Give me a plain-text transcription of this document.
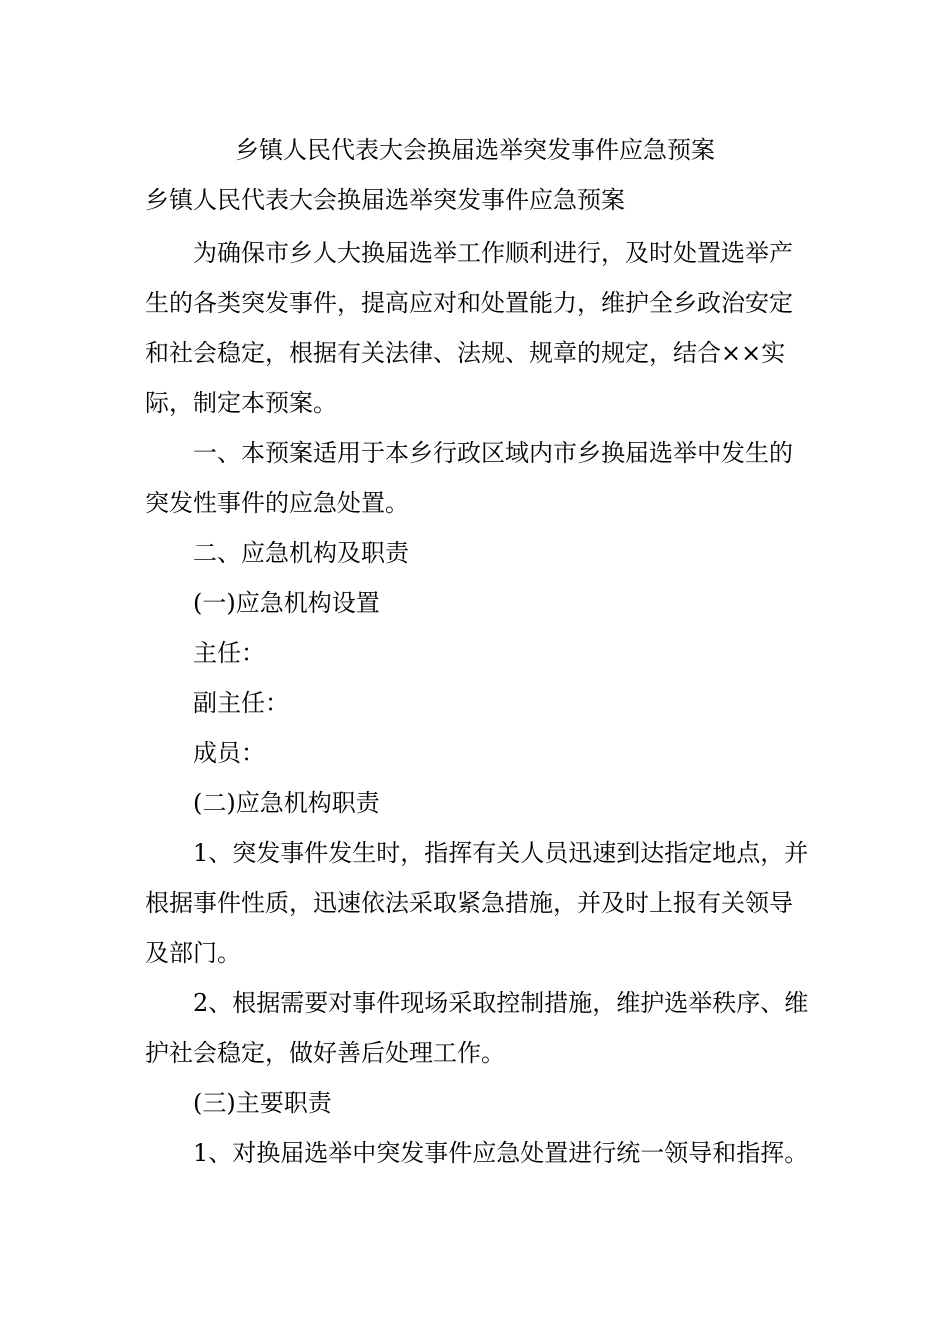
乡镇人民代表大会换届选举突发事件应急预案
乡镇人民代表大会换届选举突发事件应急预案

为确保市乡人大换届选举工作顺利进行，及时处置选举产生的各类突发事件，提高应对和处置能力，维护全乡政治安定和社会稳定，根据有关法律、法规、规章的规定，结合××实际，制定本预案。

一、本预案适用于本乡行政区域内市乡换届选举中发生的突发性事件的应急处置。

二、应急机构及职责

(一)应急机构设置

主任：

副主任：

成员：

(二)应急机构职责

1、突发事件发生时，指挥有关人员迅速到达指定地点，并根据事件性质，迅速依法采取紧急措施，并及时上报有关领导及部门。

2、根据需要对事件现场采取控制措施，维护选举秩序、维护社会稳定，做好善后处理工作。

(三)主要职责

1、对换届选举中突发事件应急处置进行统一领导和指挥。
